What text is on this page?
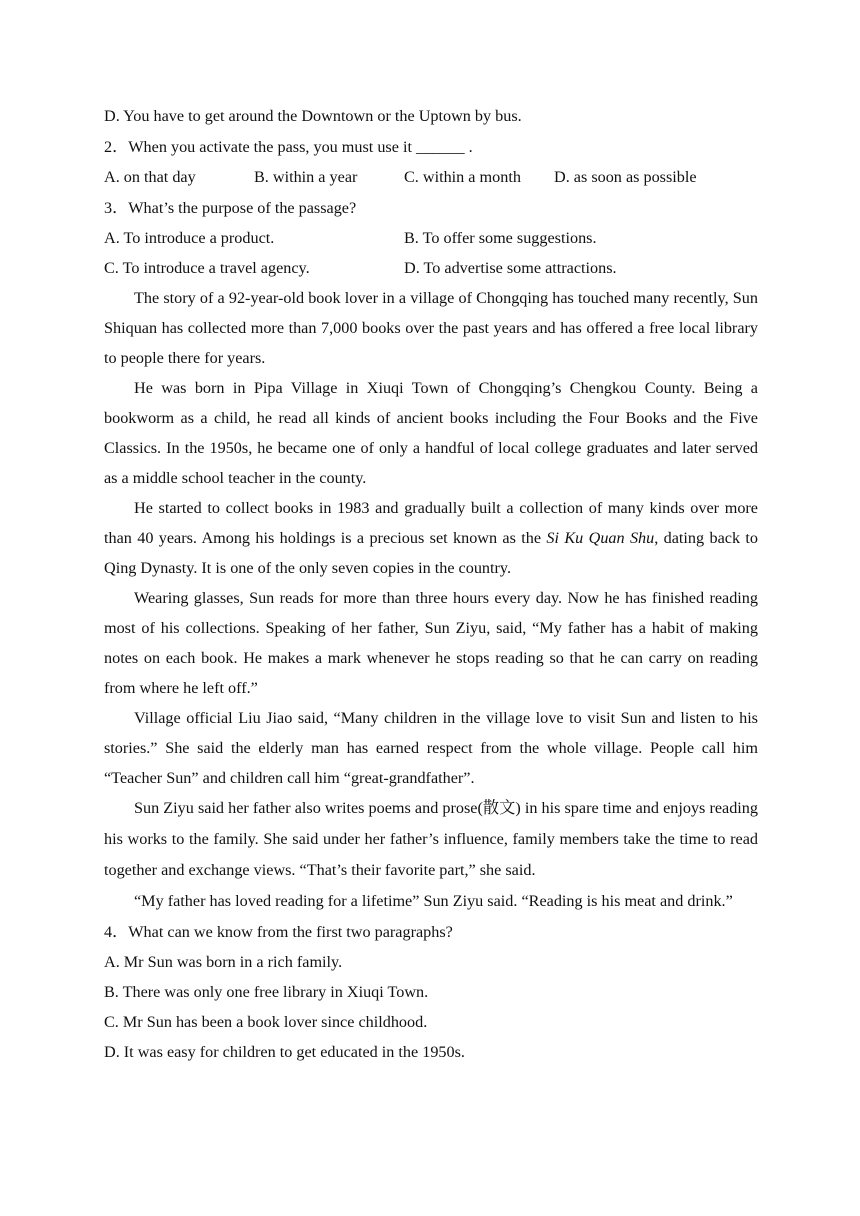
D. You have to get around the Downtown or the Uptown by bus.
2．When you activate the pass, you must use it ______ .
A. on that day	B. within a year	C. within a month	D. as soon as possible
3．What’s the purpose of the passage?
A. To introduce a product.	B. To offer some suggestions.
C. To introduce a travel agency.	D. To advertise some attractions.

The story of a 92-year-old book lover in a village of Chongqing has touched many recently, Sun Shiquan has collected more than 7,000 books over the past years and has offered a free local library to people there for years.

He was born in Pipa Village in Xiuqi Town of Chongqing’s Chengkou County. Being a bookworm as a child, he read all kinds of ancient books including the Four Books and the Five Classics. In the 1950s, he became one of only a handful of local college graduates and later served as a middle school teacher in the county.

He started to collect books in 1983 and gradually built a collection of many kinds over more than 40 years. Among his holdings is a precious set known as the Si Ku Quan Shu, dating back to Qing Dynasty. It is one of the only seven copies in the country.

Wearing glasses, Sun reads for more than three hours every day. Now he has finished reading most of his collections. Speaking of her father, Sun Ziyu, said, “My father has a habit of making notes on each book. He makes a mark whenever he stops reading so that he can carry on reading from where he left off.”

Village official Liu Jiao said, “Many children in the village love to visit Sun and listen to his stories.” She said the elderly man has earned respect from the whole village. People call him “Teacher Sun” and children call him “great-grandfather”.

Sun Ziyu said her father also writes poems and prose(散文) in his spare time and enjoys reading his works to the family. She said under her father’s influence, family members take the time to read together and exchange views. “That’s their favorite part,” she said.

“My father has loved reading for a lifetime” Sun Ziyu said. “Reading is his meat and drink.”

4．What can we know from the first two paragraphs?
A. Mr Sun was born in a rich family.
B. There was only one free library in Xiuqi Town.
C. Mr Sun has been a book lover since childhood.
D. It was easy for children to get educated in the 1950s.
